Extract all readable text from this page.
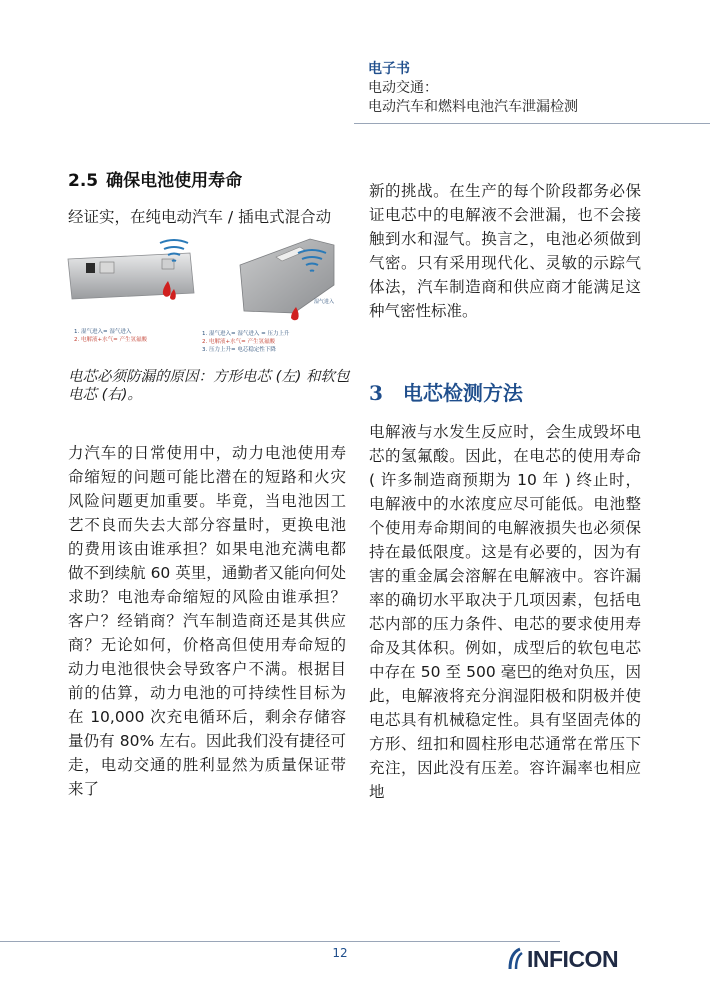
电子书
电动交通：
电动汽车和燃料电池汽车泄漏检测
2.5 确保电池使用寿命

经证实，在纯电动汽车 / 插电式混合动

湿气进入
1. 湿气进入= 湿气进入
2. 电解液+水气= 产生氢氟酸
1. 湿气进入= 湿气进入 = 压力上升
2. 电解液+水气= 产生氢氟酸
3. 压力上升= 电芯稳定性下降

电芯必须防漏的原因：方形电芯 (左) 和软包电芯 (右)。

力汽车的日常使用中，动力电池使用寿命缩短的问题可能比潜在的短路和火灾风险问题更加重要。毕竟，当电池因工艺不良而失去大部分容量时，更换电池的费用该由谁承担？如果电池充满电都做不到续航 60 英里，通勤者又能向何处求助？电池寿命缩短的风险由谁承担？客户？经销商？汽车制造商还是其供应商？无论如何，价格高但使用寿命短的动力电池很快会导致客户不满。根据目前的估算，动力电池的可持续性目标为在 10,000 次充电循环后，剩余存储容量仍有 80% 左右。因此我们没有捷径可走，电动交通的胜利显然为质量保证带来了

新的挑战。在生产的每个阶段都务必保证电芯中的电解液不会泄漏，也不会接触到水和湿气。换言之，电池必须做到气密。只有采用现代化、灵敏的示踪气体法，汽车制造商和供应商才能满足这种气密性标准。

3 电芯检测方法

电解液与水发生反应时，会生成毁坏电芯的氢氟酸。因此，在电芯的使用寿命 ( 许多制造商预期为 10 年 ) 终止时，电解液中的水浓度应尽可能低。电池整个使用寿命期间的电解液损失也必须保持在最低限度。这是有必要的，因为有害的重金属会溶解在电解液中。容许漏率的确切水平取决于几项因素，包括电芯内部的压力条件、电芯的要求使用寿命及其体积。例如，成型后的软包电芯中存在 50 至 500 毫巴的绝对负压，因此，电解液将充分润湿阳极和阴极并使电芯具有机械稳定性。具有坚固壳体的方形、纽扣和圆柱形电芯通常在常压下充注，因此没有压差。容许漏率也相应地

12	INFICON
